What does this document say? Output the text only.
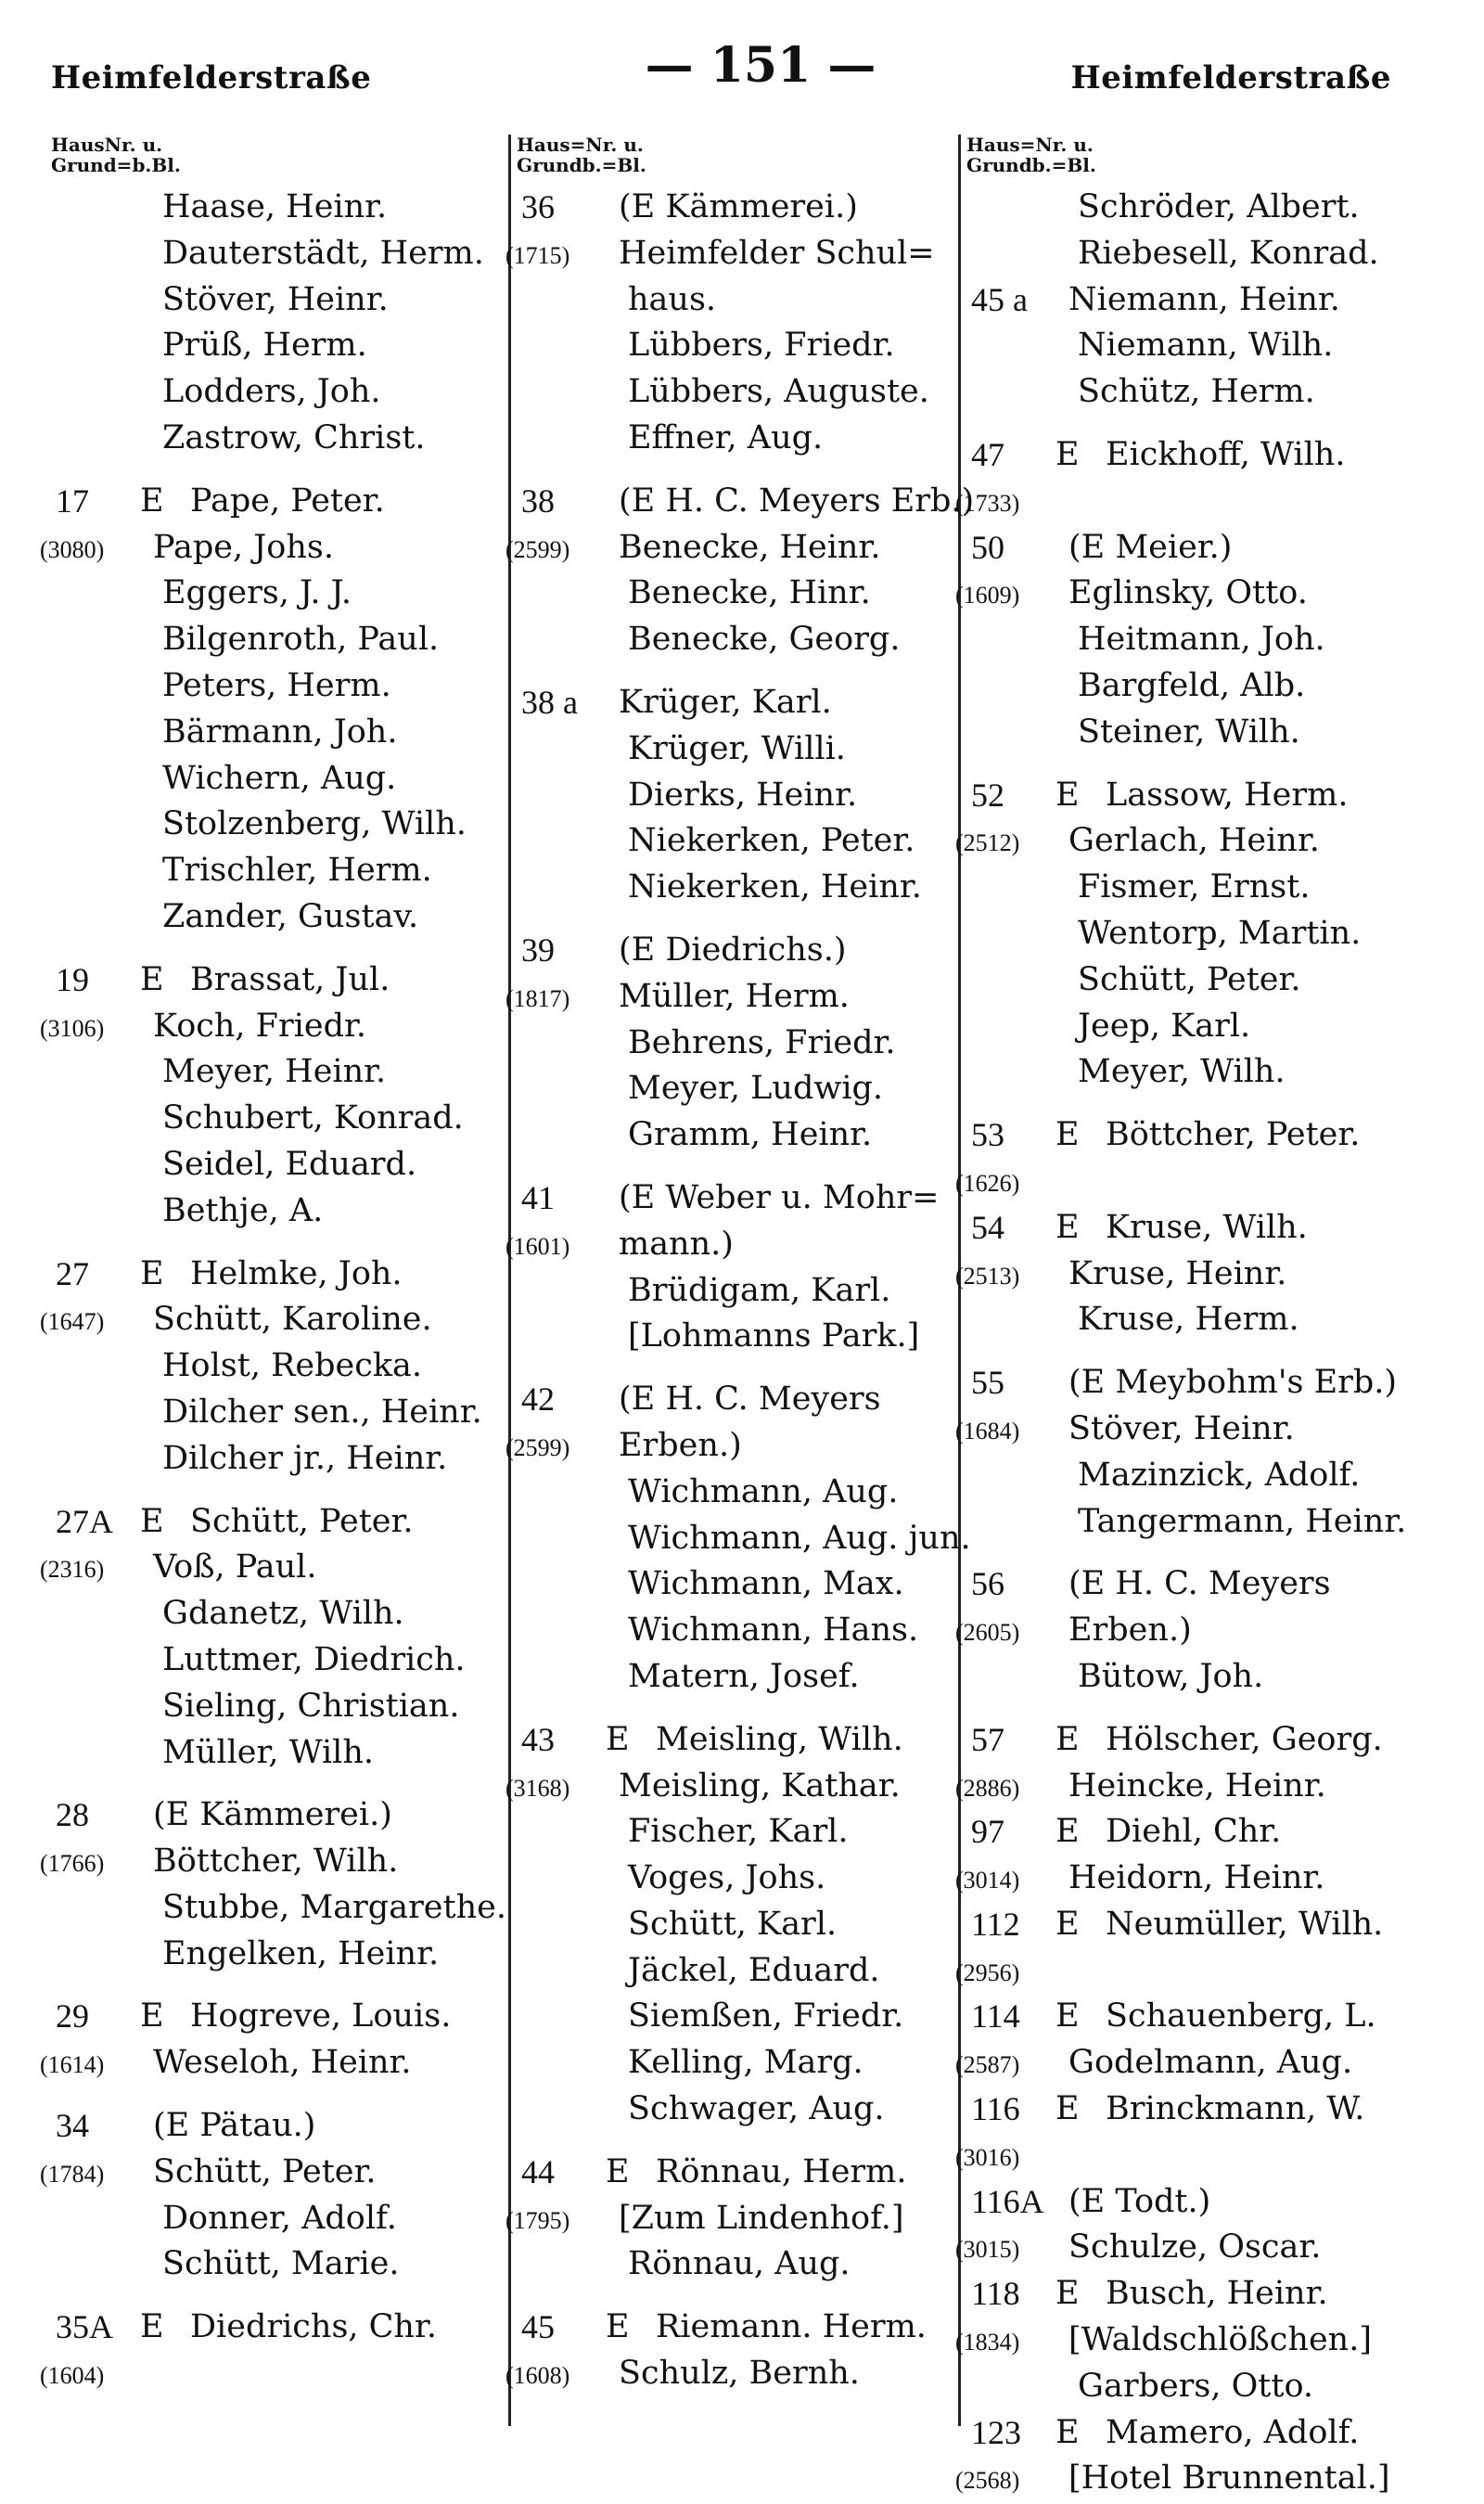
Heimfelderstraße	— 151 —	Heimfelderstraße
HausNr. u.
Grund=b.Bl.
Haase, Heinr.
Dauterstädt, Herm.
Stöver, Heinr.
Prüß, Herm.
Lodders, Joh.
Zastrow, Christ.
17 E Pape, Peter.
(3080) Pape, Johs.
Eggers, J. J.
Bilgenroth, Paul.
Peters, Herm.
Bärmann, Joh.
Wichern, Aug.
Stolzenberg, Wilh.
Trischler, Herm.
Zander, Gustav.
19 E Brassat, Jul.
(3106) Koch, Friedr.
Meyer, Heinr.
Schubert, Konrad.
Seidel, Eduard.
Bethje, A.
27 E Helmke, Joh.
(1647) Schütt, Karoline.
Holst, Rebecka.
Dilcher sen., Heinr.
Dilcher jr., Heinr.
27A E Schütt, Peter.
(2316) Voß, Paul.
Gdanetz, Wilh.
Luttmer, Diedrich.
Sieling, Christian.
Müller, Wilh.
28 (E Kämmerei.)
(1766) Böttcher, Wilh.
Stubbe, Margarethe.
Engelken, Heinr.
29 E Hogreve, Louis.
(1614) Weseloh, Heinr.
34 (E Pätau.)
(1784) Schütt, Peter.
Donner, Adolf.
Schütt, Marie.
35A E Diedrichs, Chr.
(1604)
Haus=Nr. u.
Grundb.=Bl.
36 (E Kämmerei.)
(1715) Heimfelder Schul=
haus.
Lübbers, Friedr.
Lübbers, Auguste.
Effner, Aug.
38 (E H. C. Meyers Erb.)
(2599) Benecke, Heinr.
Benecke, Hinr.
Benecke, Georg.
38 a Krüger, Karl.
Krüger, Willi.
Dierks, Heinr.
Niekerken, Peter.
Niekerken, Heinr.
39 (E Diedrichs.)
(1817) Müller, Herm.
Behrens, Friedr.
Meyer, Ludwig.
Gramm, Heinr.
41 (E Weber u. Mohr=
(1601) mann.)
Brüdigam, Karl.
[Lohmanns Park.]
42 (E H. C. Meyers
(2599) Erben.)
Wichmann, Aug.
Wichmann, Aug. jun.
Wichmann, Max.
Wichmann, Hans.
Matern, Josef.
43 E Meisling, Wilh.
(3168) Meisling, Kathar.
Fischer, Karl.
Voges, Johs.
Schütt, Karl.
Jäckel, Eduard.
Siemßen, Friedr.
Kelling, Marg.
Schwager, Aug.
44 E Rönnau, Herm.
(1795) [Zum Lindenhof.]
Rönnau, Aug.
45 E Riemann. Herm.
(1608) Schulz, Bernh.
Haus=Nr. u.
Grundb.=Bl.
Schröder, Albert.
Riebesell, Konrad.
45 a Niemann, Heinr.
Niemann, Wilh.
Schütz, Herm.
47 E Eickhoff, Wilh.
(1733)
50 (E Meier.)
(1609) Eglinsky, Otto.
Heitmann, Joh.
Bargfeld, Alb.
Steiner, Wilh.
52 E Lassow, Herm.
(2512) Gerlach, Heinr.
Fismer, Ernst.
Wentorp, Martin.
Schütt, Peter.
Jeep, Karl.
Meyer, Wilh.
53 E Böttcher, Peter.
(1626)
54 E Kruse, Wilh.
(2513) Kruse, Heinr.
Kruse, Herm.
55 (E Meybohm's Erb.)
(1684) Stöver, Heinr.
Mazinzick, Adolf.
Tangermann, Heinr.
56 (E H. C. Meyers
(2605) Erben.)
Bütow, Joh.
57 E Hölscher, Georg.
(2886) Heincke, Heinr.
97 E Diehl, Chr.
(3014) Heidorn, Heinr.
112 E Neumüller, Wilh.
(2956)
114 E Schauenberg, L.
(2587) Godelmann, Aug.
116 E Brinckmann, W.
(3016)
116A (E Todt.)
(3015) Schulze, Oscar.
118 E Busch, Heinr.
(1834) [Waldschlößchen.]
Garbers, Otto.
123 E Mamero, Adolf.
(2568) [Hotel Brunnental.]
